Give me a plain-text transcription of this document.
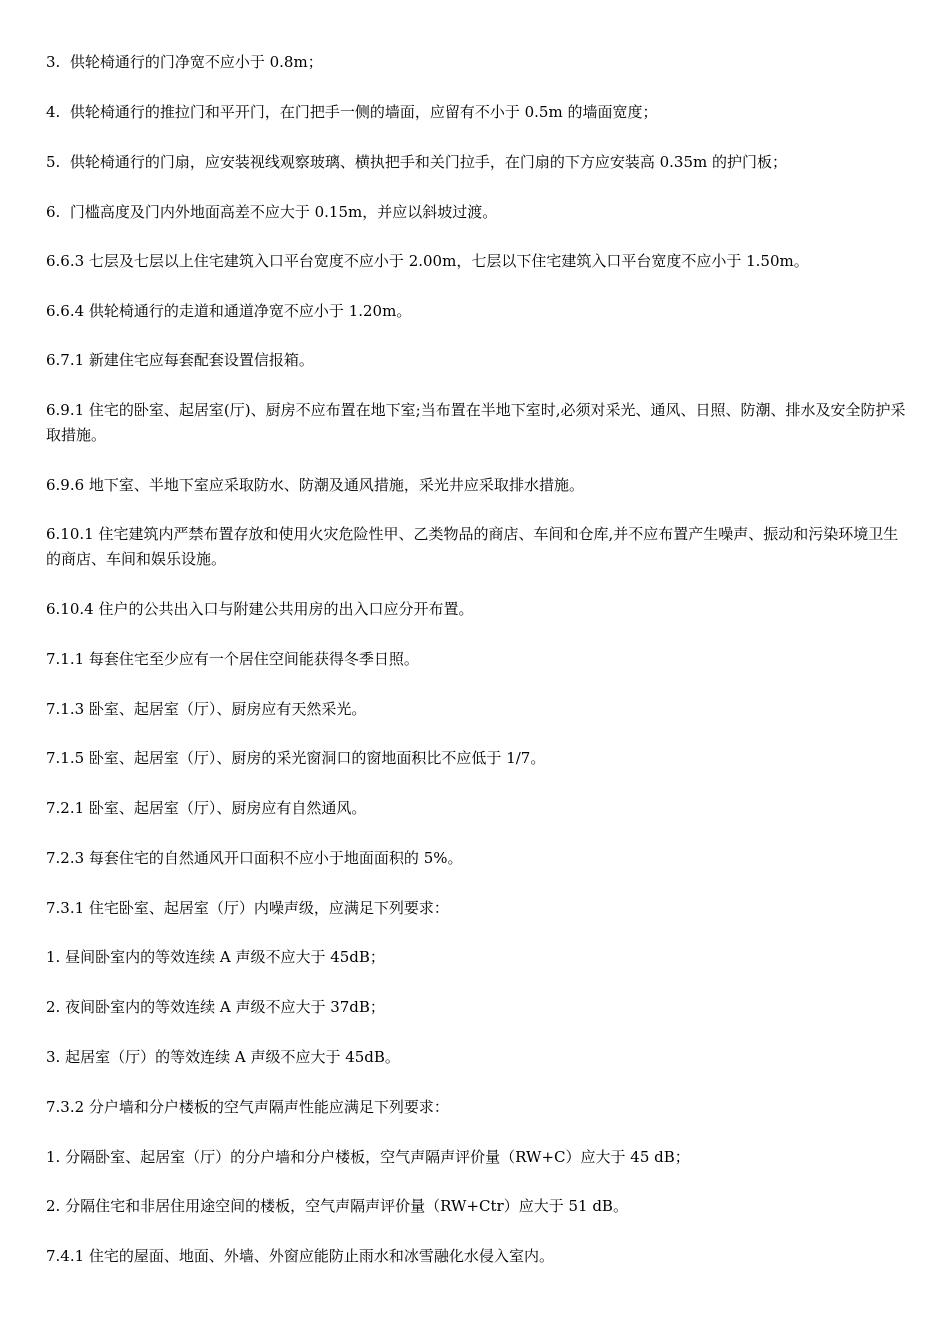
3.  供轮椅通行的门净宽不应小于 0.8m；

4.  供轮椅通行的推拉门和平开门，在门把手一侧的墙面，应留有不小于 0.5m 的墙面宽度；

5.  供轮椅通行的门扇，应安装视线观察玻璃、横执把手和关门拉手，在门扇的下方应安装高 0.35m 的护门板；

6.  门槛高度及门内外地面高差不应大于 0.15m，并应以斜坡过渡。

6.6.3 七层及七层以上住宅建筑入口平台宽度不应小于 2.00m，七层以下住宅建筑入口平台宽度不应小于 1.50m。

6.6.4 供轮椅通行的走道和通道净宽不应小于 1.20m。

6.7.1 新建住宅应每套配套设置信报箱。

6.9.1 住宅的卧室、起居室(厅)、厨房不应布置在地下室;当布置在半地下室时,必须对采光、通风、日照、防潮、排水及安全防护采取措施。

6.9.6 地下室、半地下室应采取防水、防潮及通风措施，采光井应采取排水措施。

6.10.1 住宅建筑内严禁布置存放和使用火灾危险性甲、乙类物品的商店、车间和仓库,并不应布置产生噪声、振动和污染环境卫生的商店、车间和娱乐设施。

6.10.4 住户的公共出入口与附建公共用房的出入口应分开布置。

7.1.1 每套住宅至少应有一个居住空间能获得冬季日照。

7.1.3 卧室、起居室（厅）、厨房应有天然采光。

7.1.5 卧室、起居室（厅）、厨房的采光窗洞口的窗地面积比不应低于 1/7。

7.2.1 卧室、起居室（厅）、厨房应有自然通风。

7.2.3 每套住宅的自然通风开口面积不应小于地面面积的 5%。

7.3.1 住宅卧室、起居室（厅）内噪声级，应满足下列要求：

1. 昼间卧室内的等效连续 A 声级不应大于 45dB；

2. 夜间卧室内的等效连续 A 声级不应大于 37dB；

3. 起居室（厅）的等效连续 A 声级不应大于 45dB。

7.3.2 分户墙和分户楼板的空气声隔声性能应满足下列要求：

1. 分隔卧室、起居室（厅）的分户墙和分户楼板，空气声隔声评价量（RW+C）应大于 45 dB；

2. 分隔住宅和非居住用途空间的楼板，空气声隔声评价量（RW+Ctr）应大于 51 dB。

7.4.1 住宅的屋面、地面、外墙、外窗应能防止雨水和冰雪融化水侵入室内。
